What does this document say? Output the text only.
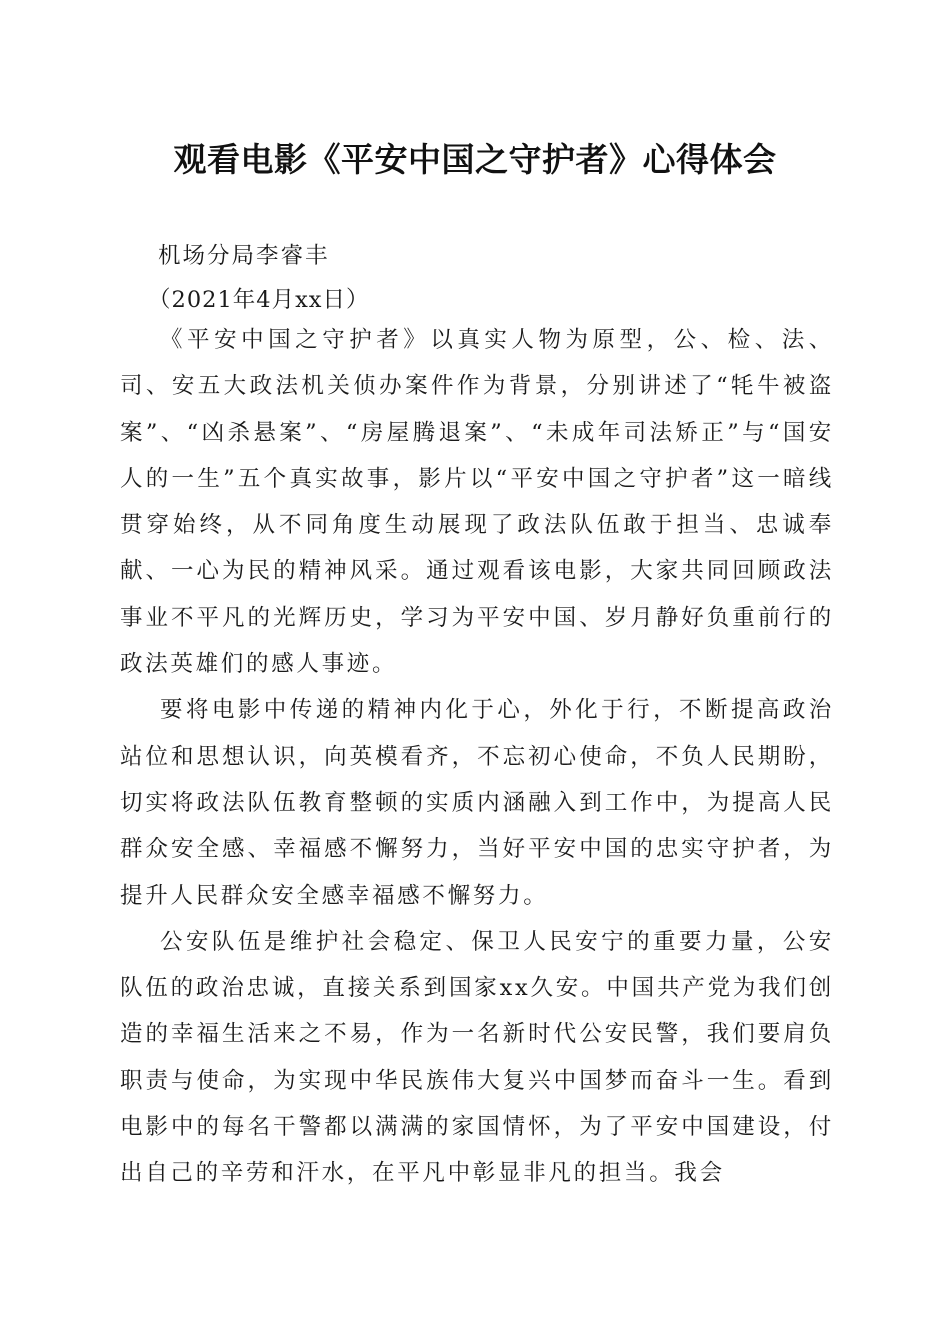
观看电影《平安中国之守护者》心得体会
机场分局李睿丰
（2021年4月xx日）

《平安中国之守护者》以真实人物为原型，公、检、法、司、安五大政法机关侦办案件作为背景，分别讲述了“牦牛被盗案”、“凶杀悬案”、“房屋腾退案”、“未成年司法矫正”与“国安人的一生”五个真实故事，影片以“平安中国之守护者”这一暗线贯穿始终，从不同角度生动展现了政法队伍敢于担当、忠诚奉献、一心为民的精神风采。通过观看该电影，大家共同回顾政法事业不平凡的光辉历史，学习为平安中国、岁月静好负重前行的政法英雄们的感人事迹。

要将电影中传递的精神内化于心，外化于行，不断提高政治站位和思想认识，向英模看齐，不忘初心使命，不负人民期盼，切实将政法队伍教育整顿的实质内涵融入到工作中，为提高人民群众安全感、幸福感不懈努力，当好平安中国的忠实守护者，为提升人民群众安全感幸福感不懈努力。

公安队伍是维护社会稳定、保卫人民安宁的重要力量，公安队伍的政治忠诚，直接关系到国家xx久安。中国共产党为我们创造的幸福生活来之不易，作为一名新时代公安民警，我们要肩负职责与使命，为实现中华民族伟大复兴中国梦而奋斗一生。看到电影中的每名干警都以满满的家国情怀，为了平安中国建设，付出自己的辛劳和汗水，在平凡中彰显非凡的担当。我会
